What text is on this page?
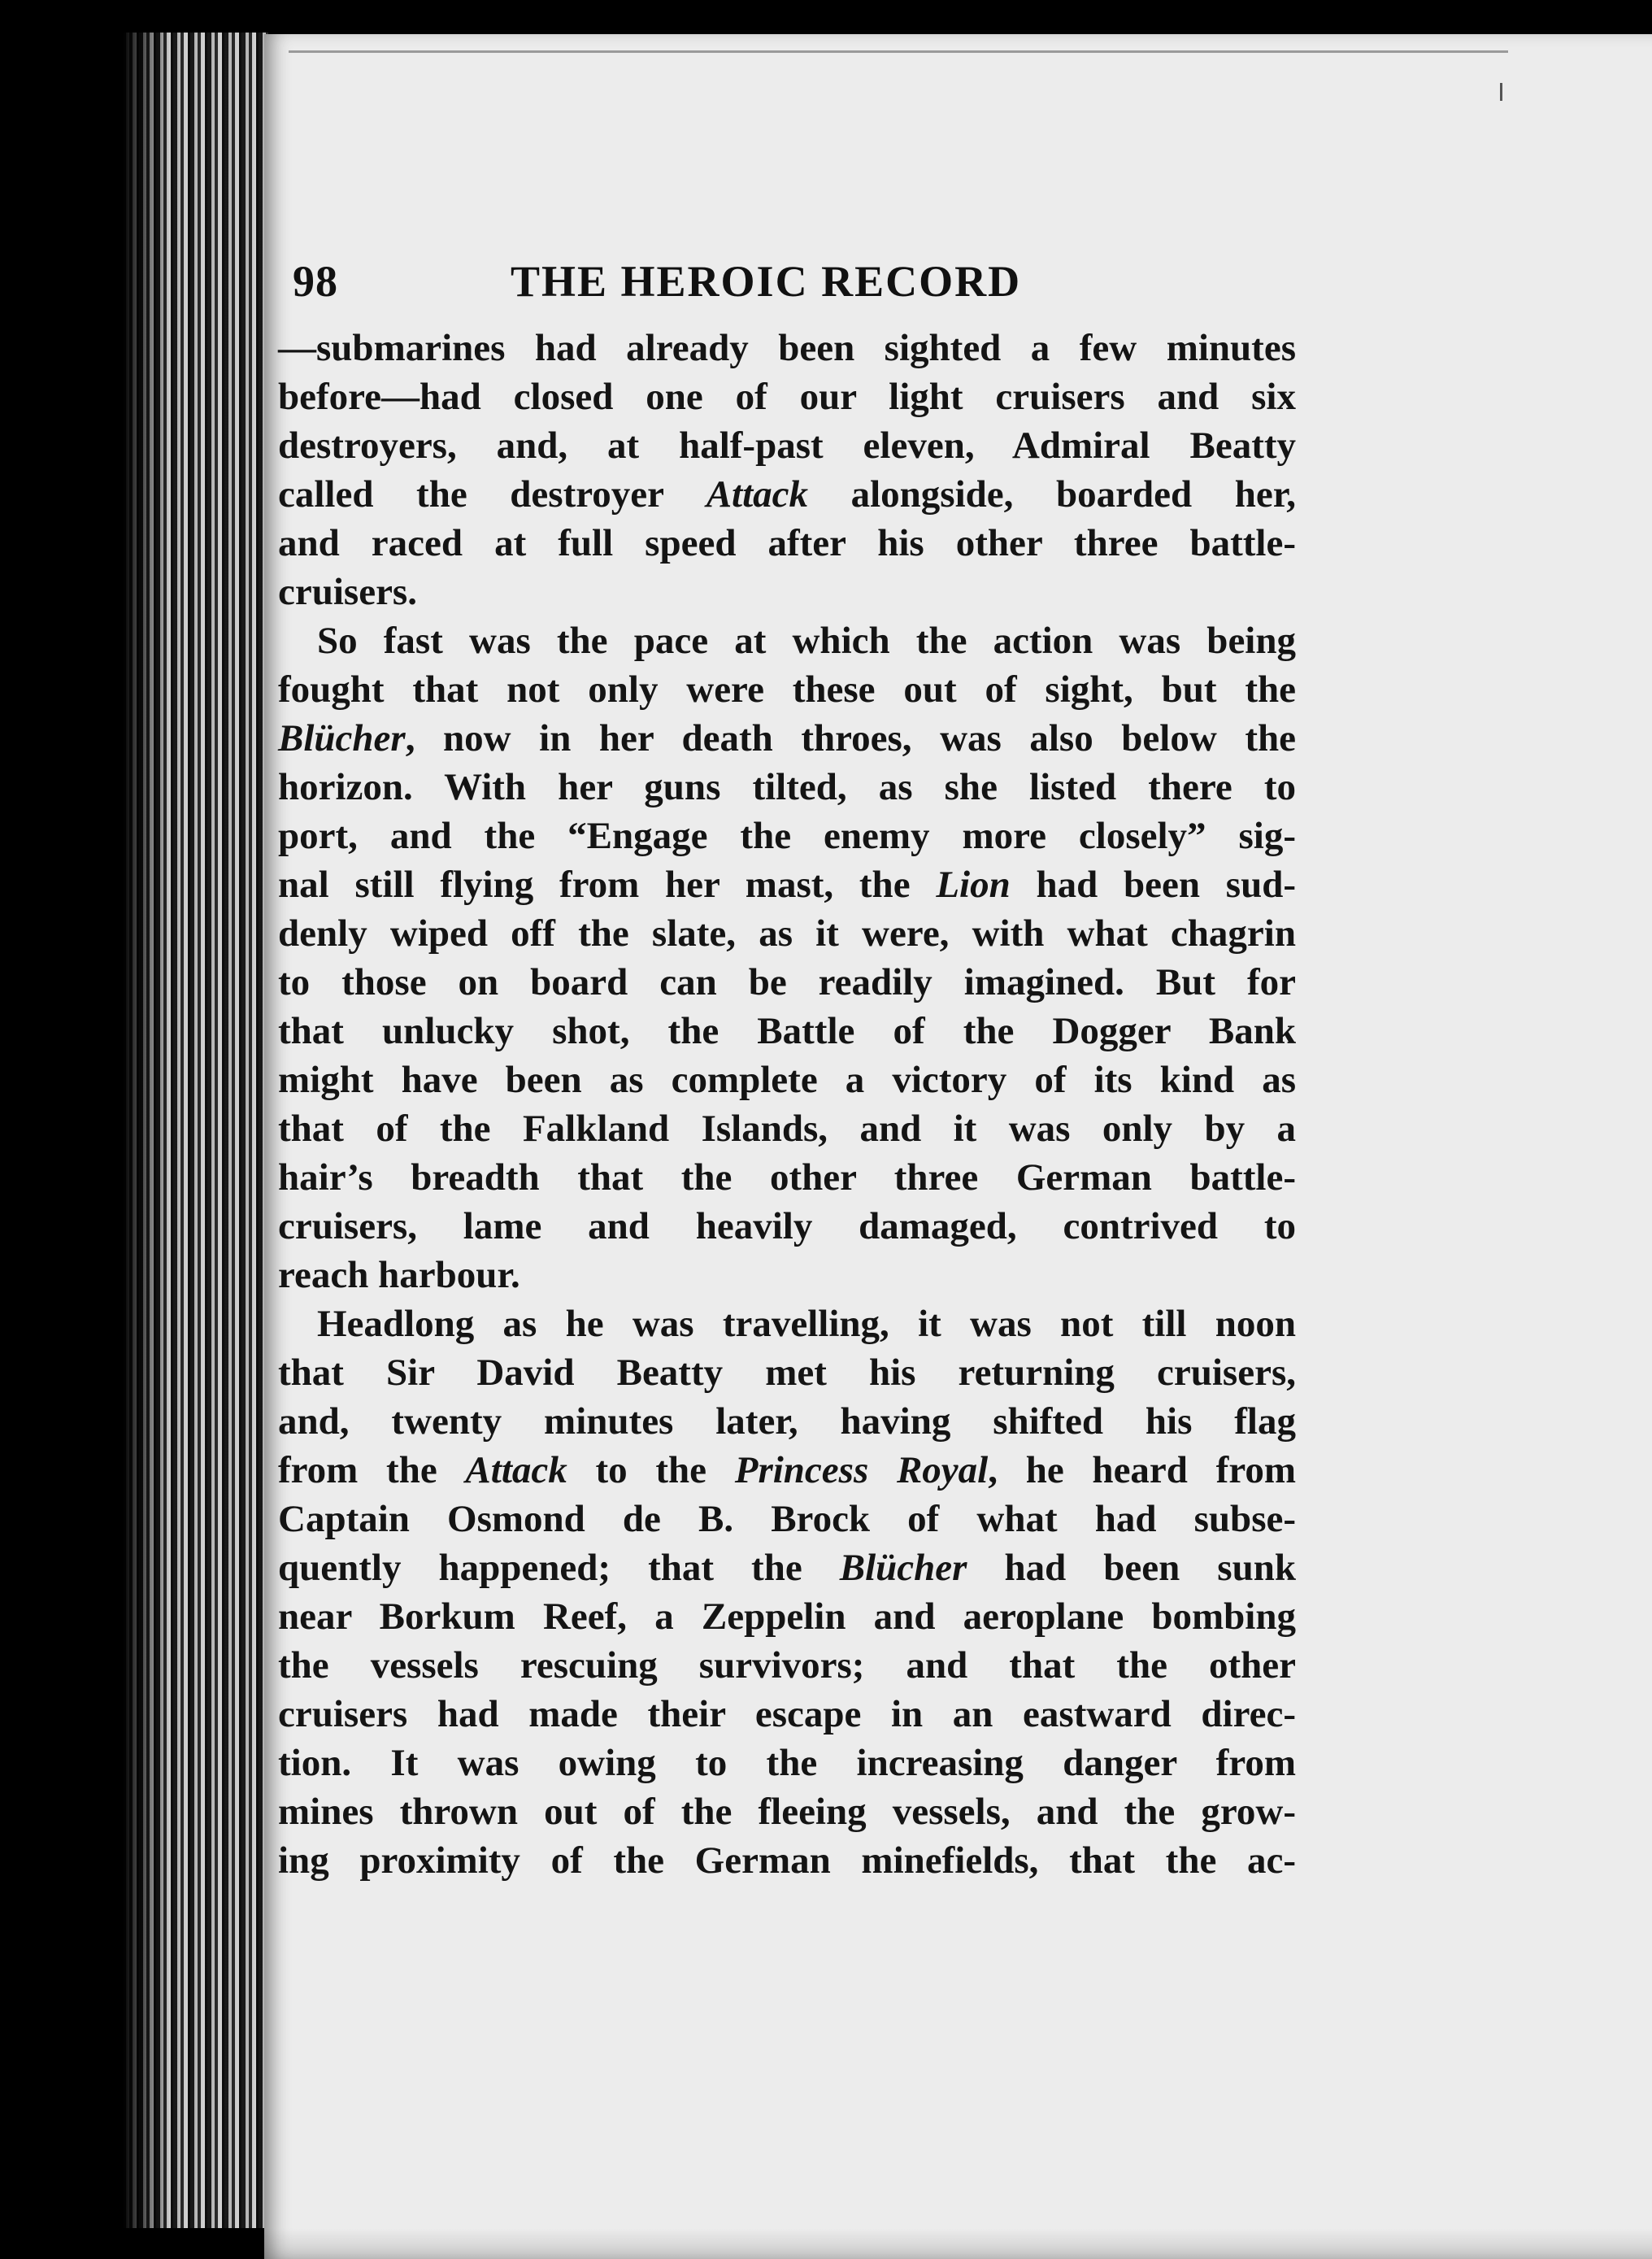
98	THE HEROIC RECORD
—submarines had already been sighted a few minutes
before—had closed one of our light cruisers and six
destroyers, and, at half-past eleven, Admiral Beatty
called the destroyer Attack alongside, boarded her,
and raced at full speed after his other three battle-
cruisers.
So fast was the pace at which the action was being
fought that not only were these out of sight, but the
Blücher, now in her death throes, was also below the
horizon. With her guns tilted, as she listed there to
port, and the “Engage the enemy more closely” sig-
nal still flying from her mast, the Lion had been sud-
denly wiped off the slate, as it were, with what chagrin
to those on board can be readily imagined. But for
that unlucky shot, the Battle of the Dogger Bank
might have been as complete a victory of its kind as
that of the Falkland Islands, and it was only by a
hair’s breadth that the other three German battle-
cruisers, lame and heavily damaged, contrived to
reach harbour.
Headlong as he was travelling, it was not till noon
that Sir David Beatty met his returning cruisers,
and, twenty minutes later, having shifted his flag
from the Attack to the Princess Royal, he heard from
Captain Osmond de B. Brock of what had subse-
quently happened; that the Blücher had been sunk
near Borkum Reef, a Zeppelin and aeroplane bombing
the vessels rescuing survivors; and that the other
cruisers had made their escape in an eastward direc-
tion. It was owing to the increasing danger from
mines thrown out of the fleeing vessels, and the grow-
ing proximity of the German minefields, that the ac-
